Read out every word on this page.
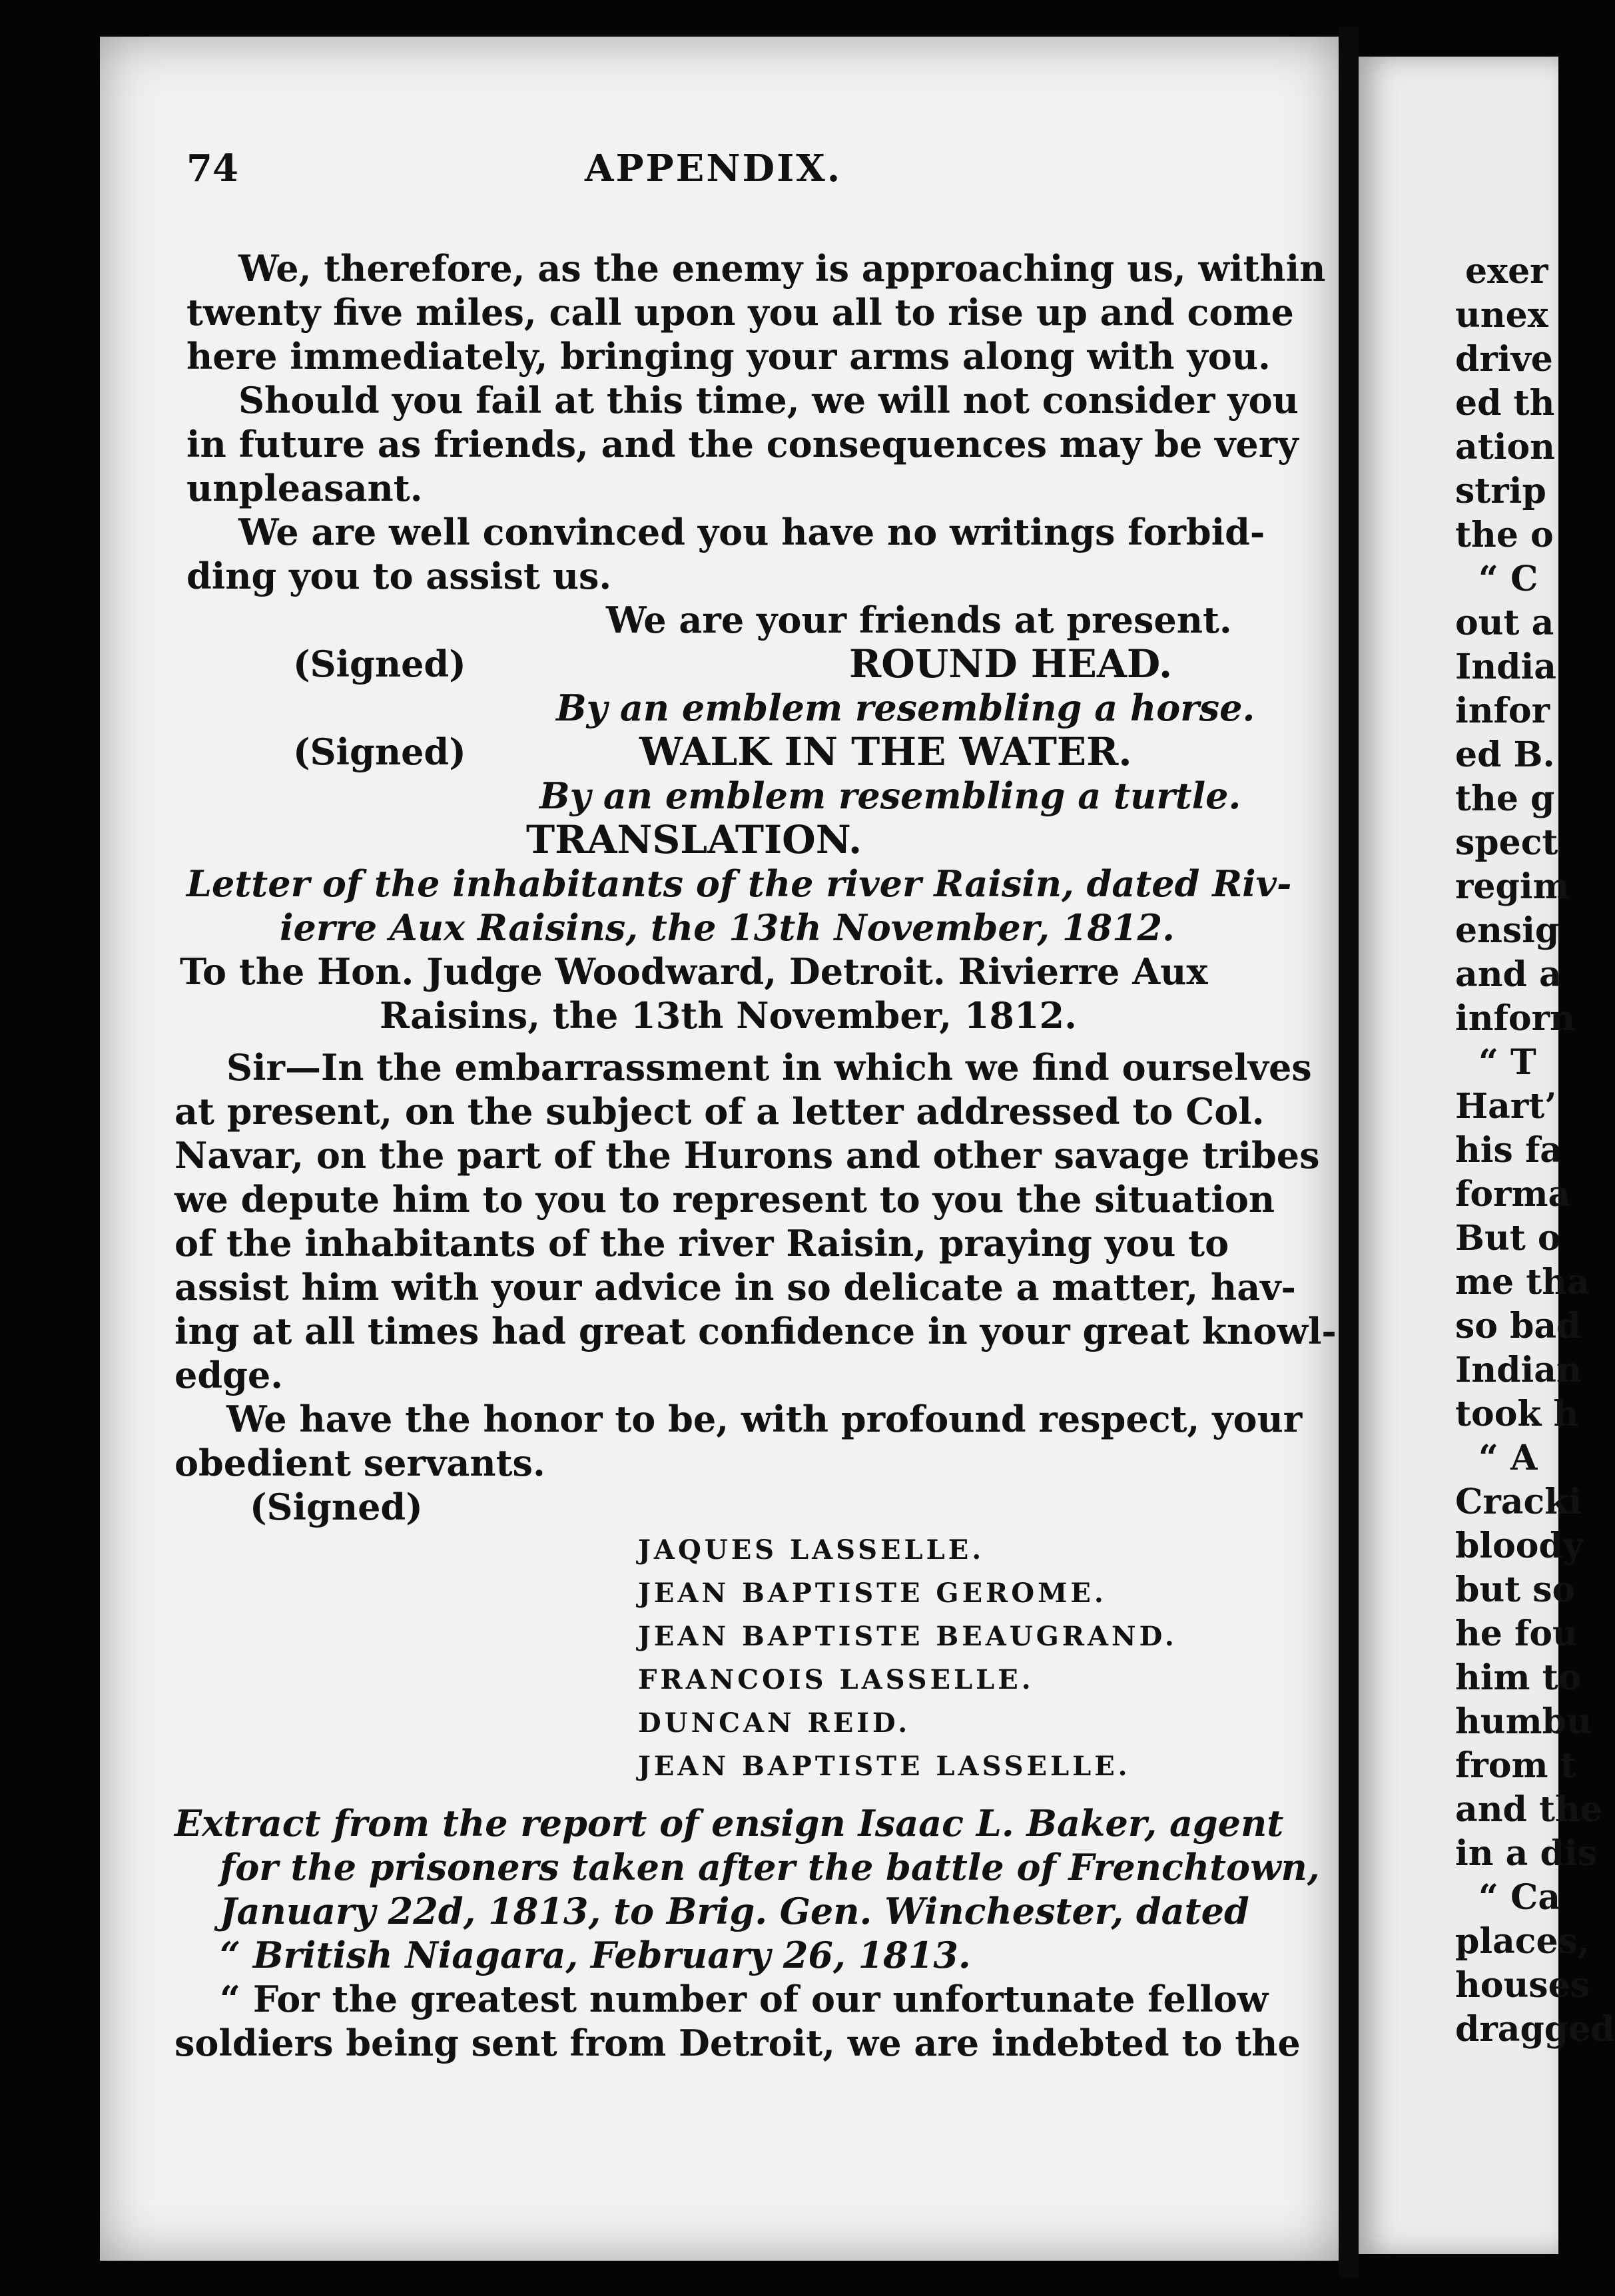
74	APPENDIX.

We, therefore, as the enemy is approaching us, within

twenty five miles, call upon you all to rise up and come

here immediately, bringing your arms along with you.

Should you fail at this time, we will not consider you

in future as friends, and the consequences may be very

unpleasant.

We are well convinced you have no writings forbid-

ding you to assist us.

We are your friends at present.

(Signed)	ROUND HEAD.

By an emblem resembling a horse.

(Signed)	WALK IN THE WATER.

By an emblem resembling a turtle.

TRANSLATION.

Letter of the inhabitants of the river Raisin, dated Riv-

ierre Aux Raisins, the 13th November, 1812.

To the Hon. Judge Woodward, Detroit. Rivierre Aux

Raisins, the 13th November, 1812.

Sir—In the embarrassment in which we find ourselves

at present, on the subject of a letter addressed to Col.

Navar, on the part of the Hurons and other savage tribes

we depute him to you to represent to you the situation

of the inhabitants of the river Raisin, praying you to

assist him with your advice in so delicate a matter, hav-

ing at all times had great confidence in your great knowl-

edge.

We have the honor to be, with profound respect, your

obedient servants.

(Signed)

JAQUES LASSELLE.

JEAN BAPTISTE GEROME.

JEAN BAPTISTE BEAUGRAND.

FRANCOIS LASSELLE.

DUNCAN REID.

JEAN BAPTISTE LASSELLE.

Extract from the report of ensign Isaac L. Baker, agent

for the prisoners taken after the battle of Frenchtown,

January 22d, 1813, to Brig. Gen. Winchester, dated

“ British Niagara, February 26, 1813.

“ For the greatest number of our unfortunate fellow

soldiers being sent from Detroit, we are indebted to the

exer

unex

drive

ed th

ation

strip

the o

“ C

out a

India

infor

ed B.

the g

spect

regim

ensig

and a

inforn

“ T

Hart’

his fa

forma

But o

me tha

so bad

Indian

took h

“ A

Cracki

bloody

but so

he fou

him to

humbu

from t

and the

in a dis

“ Ca

places,

houses

dragged
